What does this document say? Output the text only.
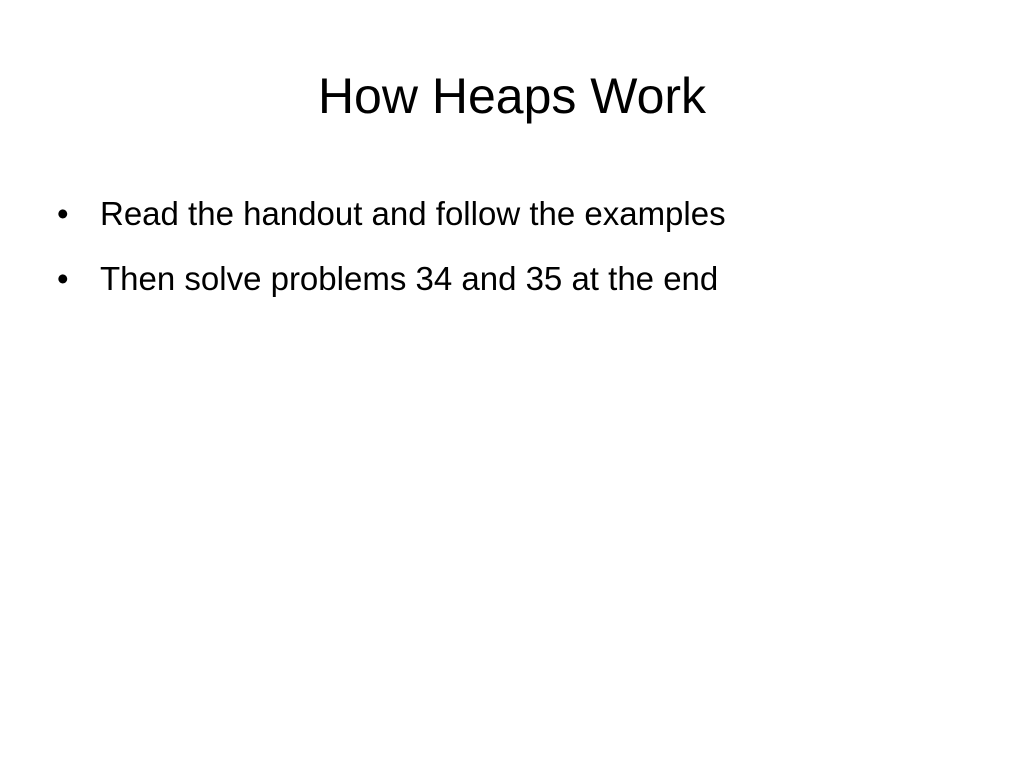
How Heaps Work
• Read the handout and follow the examples
• Then solve problems 34 and 35 at the end
